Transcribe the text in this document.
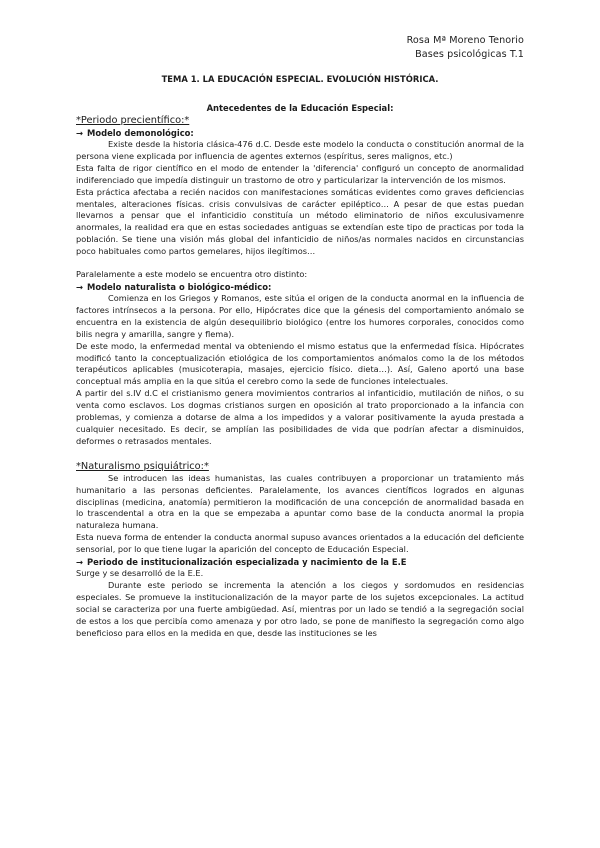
Rosa Mª Moreno Tenorio
Bases psicológicas T.1
TEMA 1. LA EDUCACIÓN ESPECIAL. EVOLUCIÓN HISTÓRICA.
Antecedentes de la Educación Especial:
*Periodo precientífico:*
→ Modelo demonológico:

Existe desde la historia clásica-476 d.C. Desde este modelo la conducta o constitución anormal de la persona viene explicada por influencia de agentes externos (espíritus, seres malignos, etc.)

Esta falta de rigor científico en el modo de entender la 'diferencia' configuró un concepto de anormalidad indiferenciado que impedía distinguir un trastorno de otro y particularizar la intervención de los mismos.

Esta práctica afectaba a recién nacidos con manifestaciones somáticas evidentes como graves deficiencias mentales, alteraciones físicas. crisis convulsivas de carácter epiléptico… A pesar de que estas puedan llevarnos a pensar que el infanticidio constituía un método eliminatorio de niños exculusivamenre anormales, la realidad era que en estas sociedades antiguas se extendían este tipo de practicas por toda la población. Se tiene una visión más global del infanticidio de niños/as normales nacidos en circunstancias poco habituales como partos gemelares, hijos ilegítimos…

Paralelamente a este modelo se encuentra otro distinto:

→ Modelo naturalista o biológico-médico:

Comienza en los Griegos y Romanos, este sitúa el origen de la conducta anormal en la influencia de factores intrínsecos a la persona. Por ello, Hipócrates dice que la génesis del comportamiento anómalo se encuentra en la existencia de algún desequilibrio biológico (entre los humores corporales, conocidos como bilis negra y amarilla, sangre y flema).

De este modo, la enfermedad mental va obteniendo el mismo estatus que la enfermedad física. Hipócrates modificó tanto la conceptualización etiológica de los comportamientos anómalos como la de los métodos terapéuticos aplicables (musicoterapia, masajes, ejercicio físico. dieta…). Así, Galeno aportó una base conceptual más amplia en la que sitúa el cerebro como la sede de funciones intelectuales.

A partir del s.IV d.C el cristianismo genera movimientos contrarios al infanticidio, mutilación de niños, o su venta como esclavos. Los dogmas cristianos surgen en oposición al trato proporcionado a la infancia con problemas, y comienza a dotarse de alma a los impedidos y a valorar positivamente la ayuda prestada a cualquier necesitado. Es decir, se amplían las posibilidades de vida que podrían afectar a disminuidos, deformes o retrasados mentales.

*Naturalismo psiquiátrico:*

Se introducen las ideas humanistas, las cuales contribuyen a proporcionar un tratamiento más humanitario a las personas deficientes. Paralelamente, los avances científicos logrados en algunas disciplinas (medicina, anatomía) permitieron la modificación de una concepción de anormalidad basada en lo trascendental a otra en la que se empezaba a apuntar como base de la conducta anormal la propia naturaleza humana.

Esta nueva forma de entender la conducta anormal supuso avances orientados a la educación del deficiente sensorial, por lo que tiene lugar la aparición del concepto de Educación Especial.

→ Periodo de institucionalización especializada y nacimiento de la E.E

Surge y se desarrolló de la E.E.

Durante este periodo se incrementa la atención a los ciegos y sordomudos en residencias especiales. Se promueve la institucionalización de la mayor parte de los sujetos excepcionales. La actitud social se caracteriza por una fuerte ambigüedad. Así, mientras por un lado se tendió a la segregación social de estos a los que percibía como amenaza y por otro lado, se pone de manifiesto la segregación como algo beneficioso para ellos en la medida en que, desde las instituciones se les
